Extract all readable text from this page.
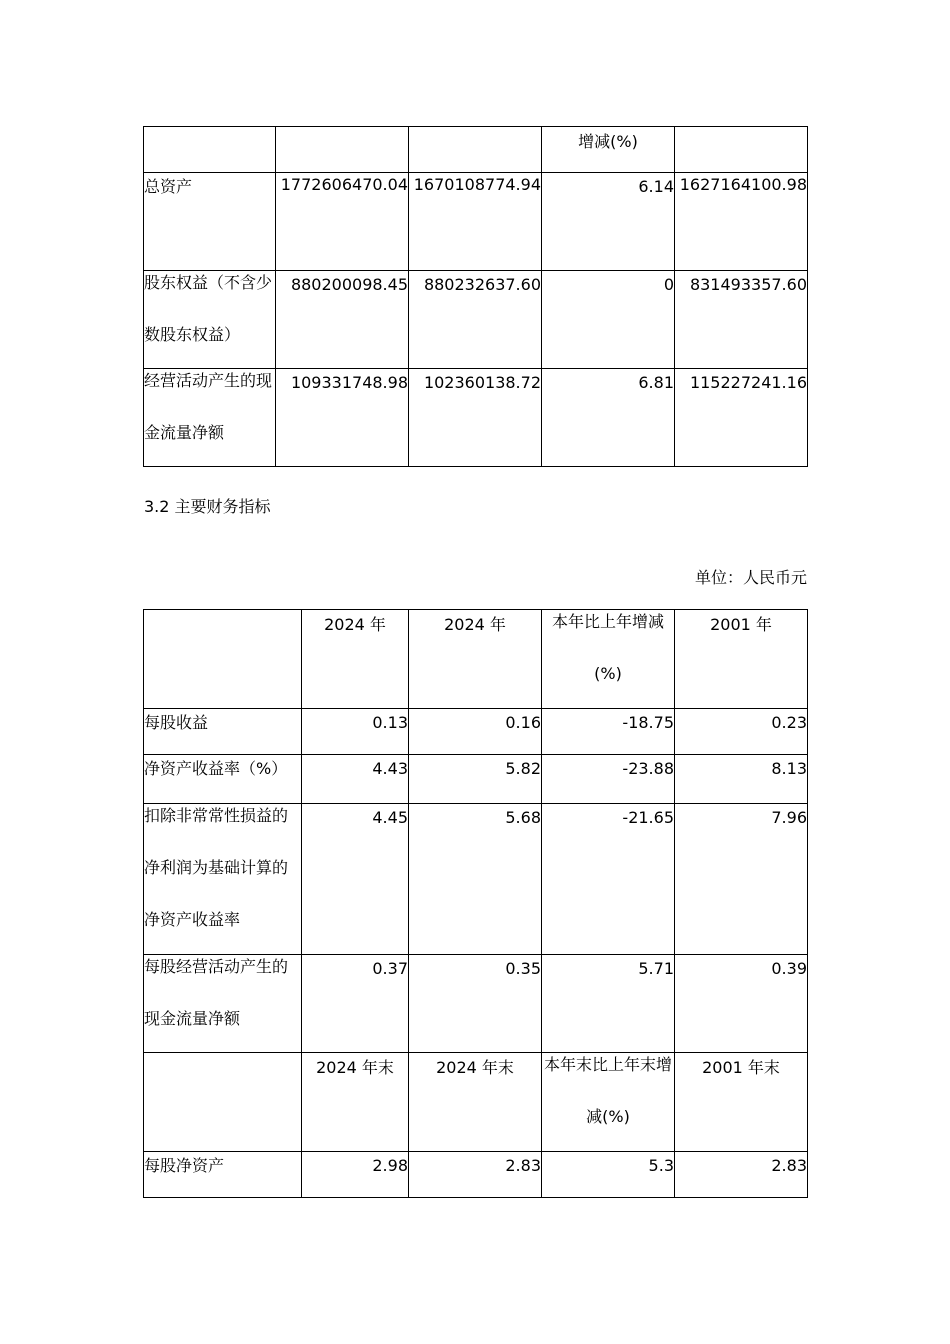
			增减(%)	
总资产	1772606470.04	1670108774.94	6.14	1627164100.98

股东权益（不含少数股东权益）	880200098.45	880232637.60	0	831493357.60

经营活动产生的现金流量净额	109331748.98	102360138.72	6.81	115227241.16
3.2 主要财务指标
单位：人民币元
	2024 年	2024 年	本年比上年增减(%)	2001 年
每股收益	0.13	0.16	-18.75	0.23
净资产收益率（%）	4.43	5.82	-23.88	8.13

扣除非常常性损益的净利润为基础计算的净资产收益率	4.45	5.68	-21.65	7.96

每股经营活动产生的现金流量净额	0.37	0.35	5.71	0.39
	2024 年末	2024 年末	本年末比上年末增减(%)	2001 年末
每股净资产	2.98	2.83	5.3	2.83
